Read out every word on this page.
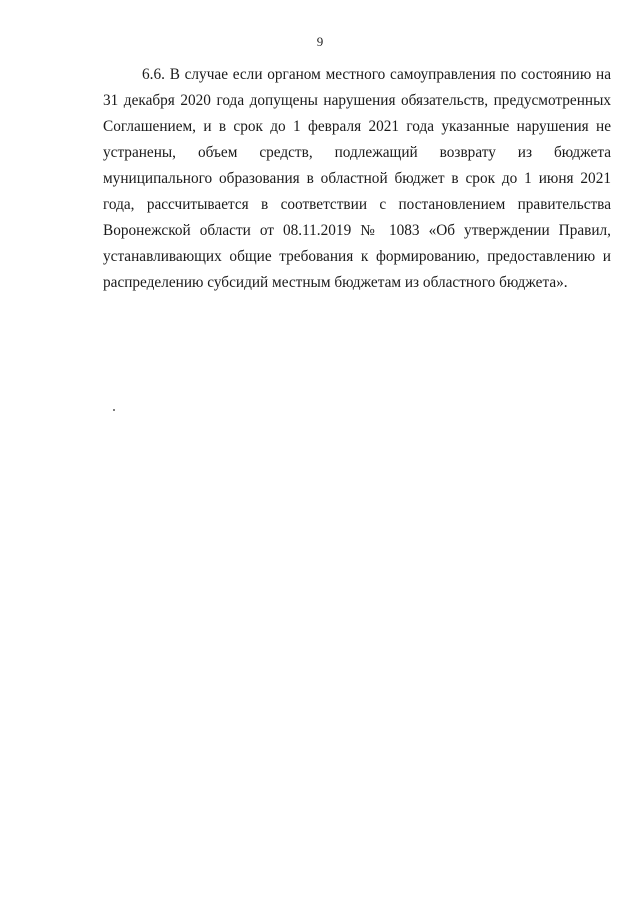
9
6.6. В случае если органом местного самоуправления по состоянию на
31 декабря 2020 года допущены нарушения обязательств, предусмотренных
Соглашением, и в срок до 1 февраля 2021 года указанные нарушения не
устранены, объем средств, подлежащий возврату из бюджета
муниципального образования в областной бюджет в срок до 1 июня 2021
года, рассчитывается в соответствии с постановлением правительства
Воронежской области от 08.11.2019 № 1083 «Об утверждении Правил,
устанавливающих общие требования к формированию, предоставлению и
распределению субсидий местным бюджетам из областного бюджета».
